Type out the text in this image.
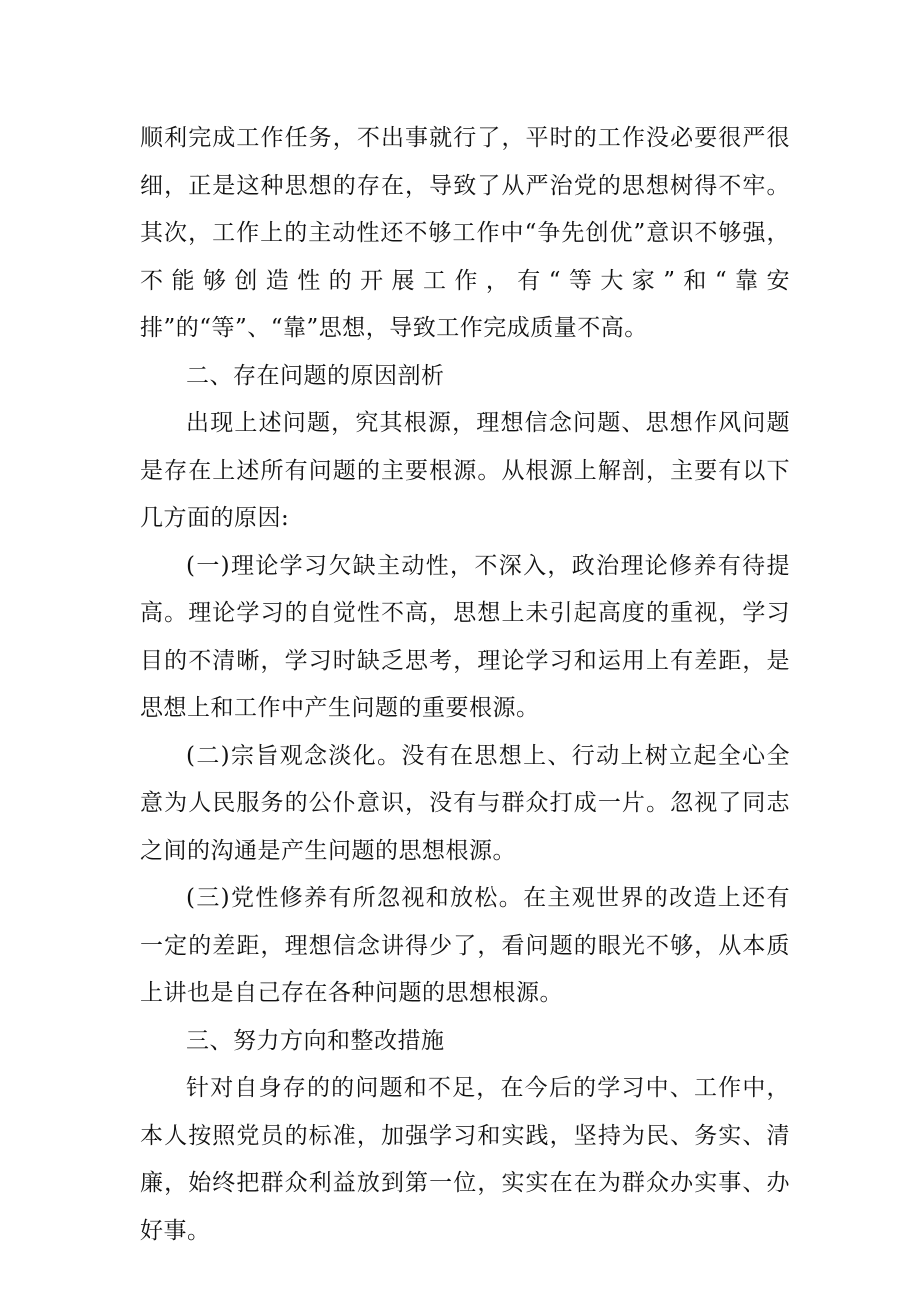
顺利完成工作任务，不出事就行了，平时的工作没必要很严很细，正是这种思想的存在，导致了从严治党的思想树得不牢。其次，工作上的主动性还不够工作中“争先创优”意识不够强，不能够创造性的开展工作，有“等大家”和“靠安排”的“等”、“靠”思想，导致工作完成质量不高。

二、存在问题的原因剖析

出现上述问题，究其根源，理想信念问题、思想作风问题是存在上述所有问题的主要根源。从根源上解剖，主要有以下几方面的原因:

(一)理论学习欠缺主动性，不深入，政治理论修养有待提高。理论学习的自觉性不高，思想上未引起高度的重视，学习目的不清晰，学习时缺乏思考，理论学习和运用上有差距，是思想上和工作中产生问题的重要根源。

(二)宗旨观念淡化。没有在思想上、行动上树立起全心全意为人民服务的公仆意识，没有与群众打成一片。忽视了同志之间的沟通是产生问题的思想根源。

(三)党性修养有所忽视和放松。在主观世界的改造上还有一定的差距，理想信念讲得少了，看问题的眼光不够，从本质上讲也是自己存在各种问题的思想根源。

三、努力方向和整改措施

针对自身存的的问题和不足，在今后的学习中、工作中，本人按照党员的标准，加强学习和实践，坚持为民、务实、清廉，始终把群众利益放到第一位，实实在在为群众办实事、办好事。
